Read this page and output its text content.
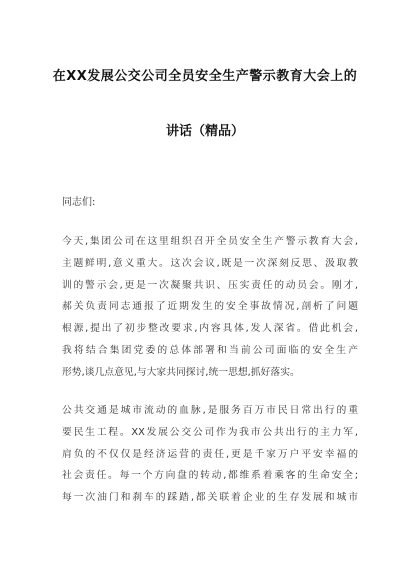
在XX发展公交公司全员安全生产警示教育大会上的
讲话（精品）
同志们:
今天,集团公司在这里组织召开全员安全生产警示教育大会,
主题鲜明,意义重大。这次会议,既是一次深刻反思、汲取教
训的警示会,更是一次凝聚共识、压实责任的动员会。刚才,
郝关负责同志通报了近期发生的安全事故情况,剖析了问题
根源,提出了初步整改要求,内容具体,发人深省。借此机会,
我将结合集团党委的总体部署和当前公司面临的安全生产
形势,谈几点意见,与大家共同探讨,统一思想,抓好落实。
公共交通是城市流动的血脉,是服务百万市民日常出行的重
要民生工程。XX发展公交公司作为我市公共出行的主力军,
肩负的不仅仅是经济运营的责任,更是千家万户平安幸福的
社会责任。每一个方向盘的转动,都维系着乘客的生命安全;
每一次油门和刹车的踩踏,都关联着企业的生存发展和城市
